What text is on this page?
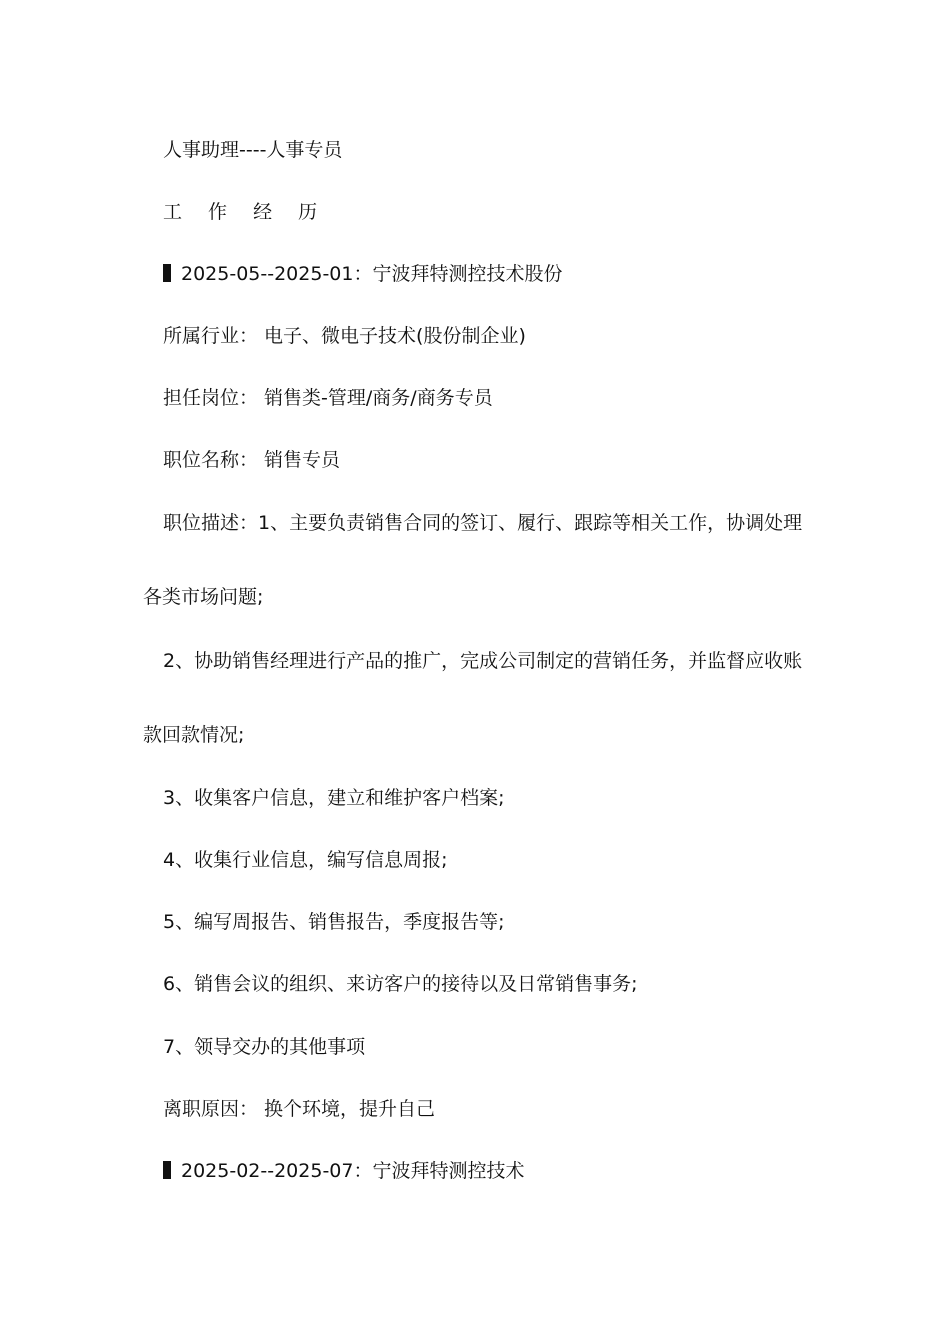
人事助理----人事专员
工 作 经 历
2025-05--2025-01：宁波拜特测控技术股份
所属行业： 电子、微电子技术(股份制企业)
担任岗位： 销售类-管理/商务/商务专员
职位名称： 销售专员
职位描述：1、主要负责销售合同的签订、履行、跟踪等相关工作，协调处理
各类市场问题;
2、协助销售经理进行产品的推广，完成公司制定的营销任务，并监督应收账
款回款情况;
3、收集客户信息，建立和维护客户档案;
4、收集行业信息，编写信息周报;
5、编写周报告、销售报告，季度报告等;
6、销售会议的组织、来访客户的接待以及日常销售事务;
7、领导交办的其他事项
离职原因： 换个环境，提升自己
2025-02--2025-07：宁波拜特测控技术
